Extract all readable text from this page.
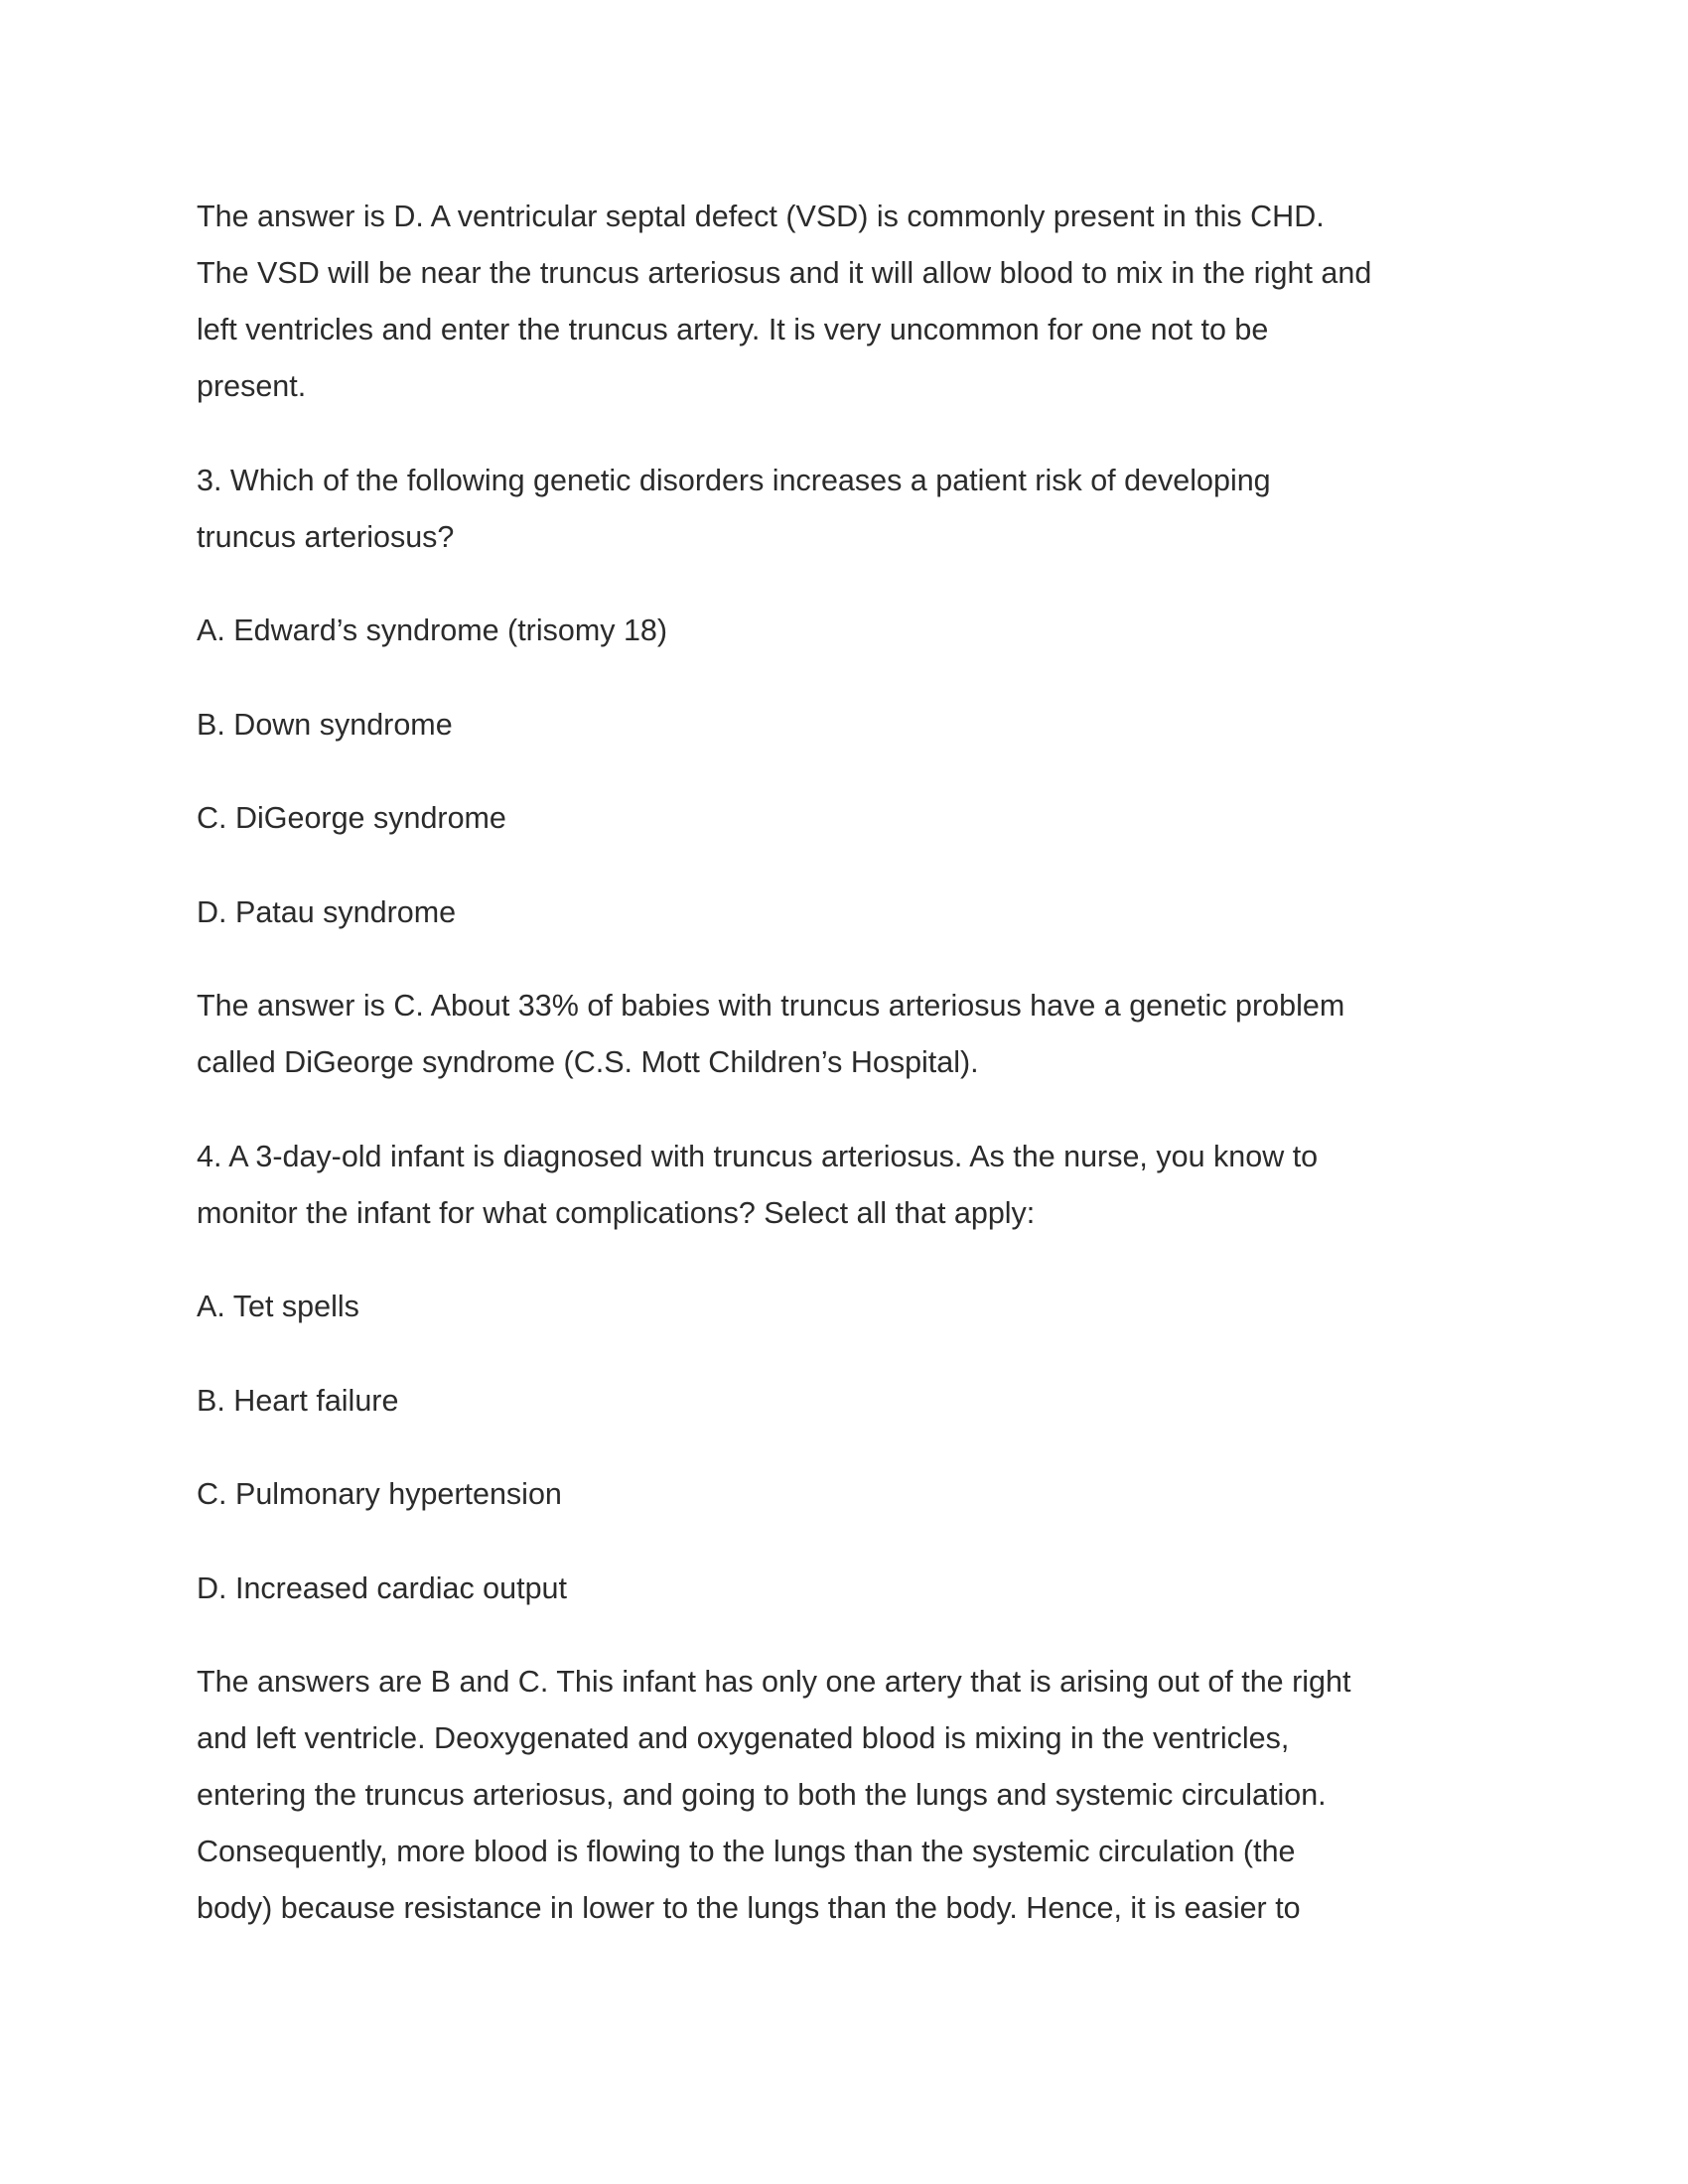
The answer is D. A ventricular septal defect (VSD) is commonly present in this CHD.
The VSD will be near the truncus arteriosus and it will allow blood to mix in the right and
left ventricles and enter the truncus artery. It is very uncommon for one not to be
present.
3. Which of the following genetic disorders increases a patient risk of developing
truncus arteriosus?
A. Edward’s syndrome (trisomy 18)
B. Down syndrome
C. DiGeorge syndrome
D. Patau syndrome
The answer is C. About 33% of babies with truncus arteriosus have a genetic problem
called DiGeorge syndrome (C.S. Mott Children’s Hospital).
4. A 3-day-old infant is diagnosed with truncus arteriosus. As the nurse, you know to
monitor the infant for what complications? Select all that apply:
A. Tet spells
B. Heart failure
C. Pulmonary hypertension
D. Increased cardiac output
The answers are B and C. This infant has only one artery that is arising out of the right
and left ventricle. Deoxygenated and oxygenated blood is mixing in the ventricles,
entering the truncus arteriosus, and going to both the lungs and systemic circulation.
Consequently, more blood is flowing to the lungs than the systemic circulation (the
body) because resistance in lower to the lungs than the body. Hence, it is easier to
